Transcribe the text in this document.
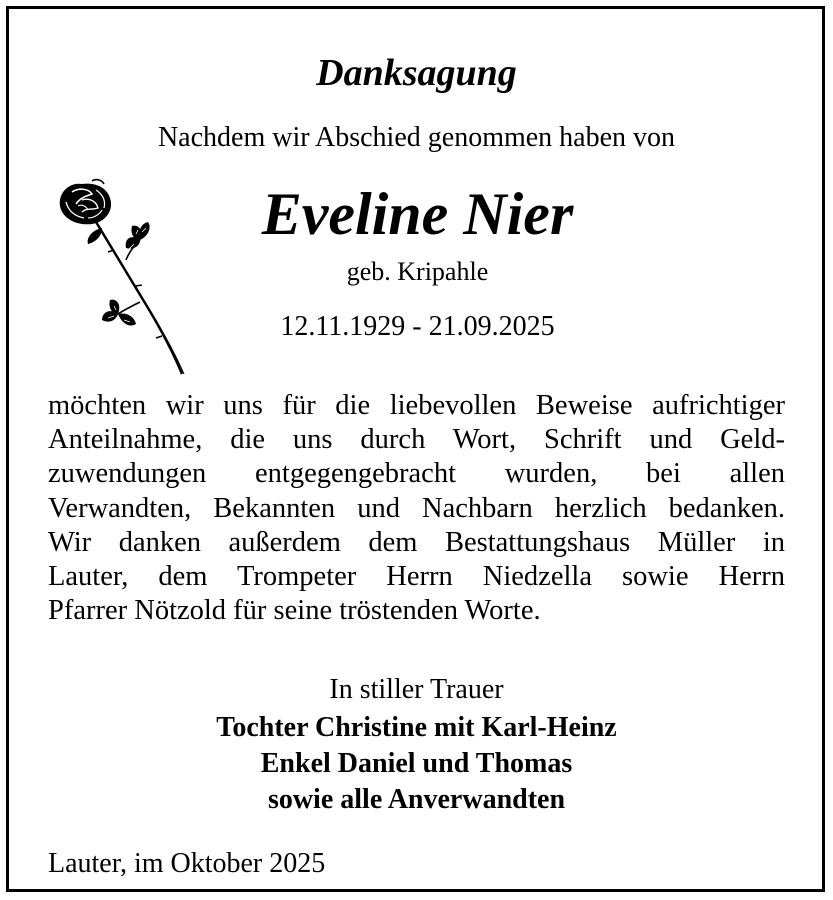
Danksagung
Nachdem wir Abschied genommen haben von
Eveline Nier
geb. Kripahle
12.11.1929 - 21.09.2025
möchten wir uns für die liebevollen Beweise aufrichtiger
Anteilnahme, die uns durch Wort, Schrift und Geld-
zuwendungen entgegengebracht wurden, bei allen
Verwandten, Bekannten und Nachbarn herzlich bedanken.
Wir danken außerdem dem Bestattungshaus Müller in
Lauter, dem Trompeter Herrn Niedzella sowie Herrn
Pfarrer Nötzold für seine tröstenden Worte.
In stiller Trauer
Tochter Christine mit Karl-Heinz
Enkel Daniel und Thomas
sowie alle Anverwandten
Lauter, im Oktober 2025
